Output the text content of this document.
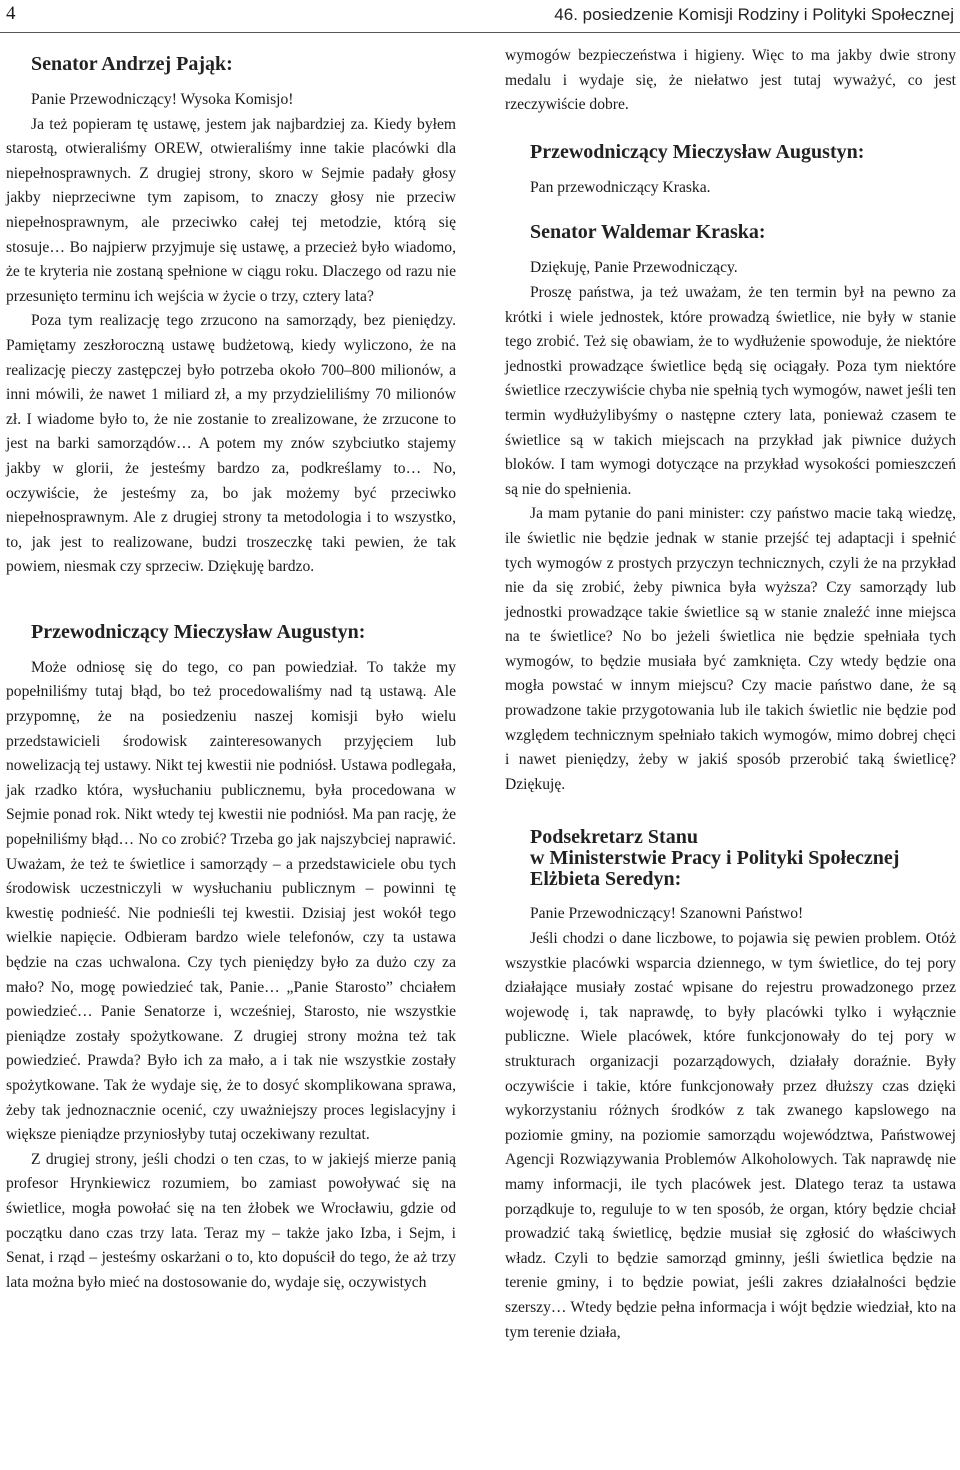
4	46. posiedzenie Komisji Rodziny i Polityki Społecznej
Senator Andrzej Pająk:

Panie Przewodniczący! Wysoka Komisjo!

Ja też popieram tę ustawę, jestem jak najbardziej za. Kiedy byłem starostą, otwieraliśmy OREW, otwieraliśmy inne takie placówki dla niepełnosprawnych. Z drugiej strony, skoro w Sejmie padały głosy jakby nieprzeciwne tym zapisom, to znaczy głosy nie przeciw niepełnosprawnym, ale przeciwko całej tej metodzie, którą się stosuje… Bo najpierw przyjmuje się ustawę, a przecież było wiadomo, że te kryteria nie zostaną spełnione w ciągu roku. Dlaczego od razu nie przesunięto terminu ich wejścia w życie o trzy, cztery lata?

Poza tym realizację tego zrzucono na samorządy, bez pieniędzy. Pamiętamy zeszłoroczną ustawę budżetową, kiedy wyliczono, że na realizację pieczy zastępczej było potrzeba około 700–800 milionów, a inni mówili, że nawet 1 miliard zł, a my przydzieliliśmy 70 milionów zł. I wiadome było to, że nie zostanie to zrealizowane, że zrzucone to jest na barki samorządów… A potem my znów szybciutko stajemy jakby w glorii, że jesteśmy bardzo za, podkreślamy to… No, oczywiście, że jesteśmy za, bo jak możemy być przeciwko niepełnosprawnym. Ale z drugiej strony ta metodologia i to wszystko, to, jak jest to realizowane, budzi troszeczkę taki pewien, że tak powiem, niesmak czy sprzeciw. Dziękuję bardzo.

Przewodniczący Mieczysław Augustyn:

Może odniosę się do tego, co pan powiedział. To także my popełniliśmy tutaj błąd, bo też procedowaliśmy nad tą ustawą. Ale przypomnę, że na posiedzeniu naszej komisji było wielu przedstawicieli środowisk zainteresowanych przyjęciem lub nowelizacją tej ustawy. Nikt tej kwestii nie podniósł. Ustawa podlegała, jak rzadko która, wysłuchaniu publicznemu, była procedowana w Sejmie ponad rok. Nikt wtedy tej kwestii nie podniósł. Ma pan rację, że popełniliśmy błąd… No co zrobić? Trzeba go jak najszybciej naprawić. Uważam, że też te świetlice i samorządy – a przedstawiciele obu tych środowisk uczestniczyli w wysłuchaniu publicznym – powinni tę kwestię podnieść. Nie podnieśli tej kwestii. Dzisiaj jest wokół tego wielkie napięcie. Odbieram bardzo wiele telefonów, czy ta ustawa będzie na czas uchwalona. Czy tych pieniędzy było za dużo czy za mało? No, mogę powiedzieć tak, Panie… „Panie Starosto” chciałem powiedzieć… Panie Senatorze i, wcześniej, Starosto, nie wszystkie pieniądze zostały spożytkowane. Z drugiej strony można też tak powiedzieć. Prawda? Było ich za mało, a i tak nie wszystkie zostały spożytkowane. Tak że wydaje się, że to dosyć skomplikowana sprawa, żeby tak jednoznacznie ocenić, czy uważniejszy proces legislacyjny i większe pieniądze przyniosłyby tutaj oczekiwany rezultat.

Z drugiej strony, jeśli chodzi o ten czas, to w jakiejś mierze panią profesor Hrynkiewicz rozumiem, bo zamiast powoływać się na świetlice, mogła powołać się na ten żłobek we Wrocławiu, gdzie od początku dano czas trzy lata. Teraz my – także jako Izba, i Sejm, i Senat, i rząd – jesteśmy oskarżani o to, kto dopuścił do tego, że aż trzy lata można było mieć na dostosowanie do, wydaje się, oczywistych

wymogów bezpieczeństwa i higieny. Więc to ma jakby dwie strony medalu i wydaje się, że niełatwo jest tutaj wyważyć, co jest rzeczywiście dobre.

Przewodniczący Mieczysław Augustyn:

Pan przewodniczący Kraska.

Senator Waldemar Kraska:

Dziękuję, Panie Przewodniczący.

Proszę państwa, ja też uważam, że ten termin był na pewno za krótki i wiele jednostek, które prowadzą świetlice, nie były w stanie tego zrobić. Też się obawiam, że to wydłużenie spowoduje, że niektóre jednostki prowadzące świetlice będą się ociągały. Poza tym niektóre świetlice rzeczywiście chyba nie spełnią tych wymogów, nawet jeśli ten termin wydłużylibyśmy o następne cztery lata, ponieważ czasem te świetlice są w takich miejscach na przykład jak piwnice dużych bloków. I tam wymogi dotyczące na przykład wysokości pomieszczeń są nie do spełnienia.

Ja mam pytanie do pani minister: czy państwo macie taką wiedzę, ile świetlic nie będzie jednak w stanie przejść tej adaptacji i spełnić tych wymogów z prostych przyczyn technicznych, czyli że na przykład nie da się zrobić, żeby piwnica była wyższa? Czy samorządy lub jednostki prowadzące takie świetlice są w stanie znaleźć inne miejsca na te świetlice? No bo jeżeli świetlica nie będzie spełniała tych wymogów, to będzie musiała być zamknięta. Czy wtedy będzie ona mogła powstać w innym miejscu? Czy macie państwo dane, że są prowadzone takie przygotowania lub ile takich świetlic nie będzie pod względem technicznym spełniało takich wymogów, mimo dobrej chęci i nawet pieniędzy, żeby w jakiś sposób przerobić taką świetlicę? Dziękuję.

Podsekretarz Stanu
w Ministerstwie Pracy i Polityki Społecznej
Elżbieta Seredyn:

Panie Przewodniczący! Szanowni Państwo!

Jeśli chodzi o dane liczbowe, to pojawia się pewien problem. Otóż wszystkie placówki wsparcia dziennego, w tym świetlice, do tej pory działające musiały zostać wpisane do rejestru prowadzonego przez wojewodę i, tak naprawdę, to były placówki tylko i wyłącznie publiczne. Wiele placówek, które funkcjonowały do tej pory w strukturach organizacji pozarządowych, działały doraźnie. Były oczywiście i takie, które funkcjonowały przez dłuższy czas dzięki wykorzystaniu różnych środków z tak zwanego kapslowego na poziomie gminy, na poziomie samorządu województwa, Państwowej Agencji Rozwiązywania Problemów Alkoholowych. Tak naprawdę nie mamy informacji, ile tych placówek jest. Dlatego teraz ta ustawa porządkuje to, reguluje to w ten sposób, że organ, który będzie chciał prowadzić taką świetlicę, będzie musiał się zgłosić do właściwych władz. Czyli to będzie samorząd gminny, jeśli świetlica będzie na terenie gminy, i to będzie powiat, jeśli zakres działalności będzie szerszy… Wtedy będzie pełna informacja i wójt będzie wiedział, kto na tym terenie działa,
